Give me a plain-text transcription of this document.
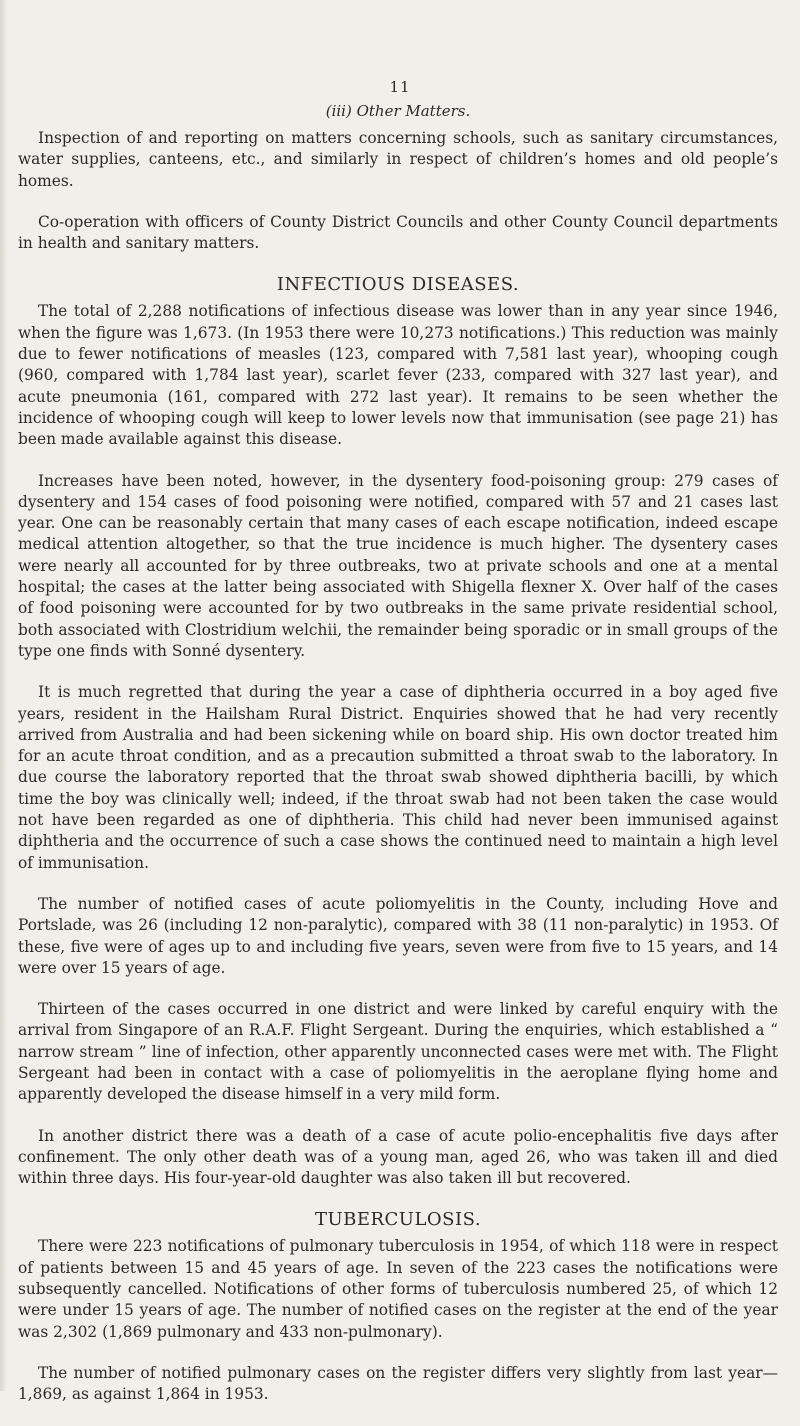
11
(iii) Other Matters.

Inspection of and reporting on matters concerning schools, such as sanitary circumstances, water supplies, canteens, etc., and similarly in respect of children’s homes and old people’s homes.

Co-operation with officers of County District Councils and other County Council departments in health and sanitary matters.

INFECTIOUS DISEASES.

The total of 2,288 notifications of infectious disease was lower than in any year since 1946, when the figure was 1,673. (In 1953 there were 10,273 notifications.) This reduction was mainly due to fewer notifications of measles (123, compared with 7,581 last year), whooping cough (960, compared with 1,784 last year), scarlet fever (233, compared with 327 last year), and acute pneumonia (161, compared with 272 last year). It remains to be seen whether the incidence of whooping cough will keep to lower levels now that immunisation (see page 21) has been made available against this disease.

Increases have been noted, however, in the dysentery food-poisoning group: 279 cases of dysentery and 154 cases of food poisoning were notified, compared with 57 and 21 cases last year. One can be reasonably certain that many cases of each escape notification, indeed escape medical attention altogether, so that the true incidence is much higher. The dysentery cases were nearly all accounted for by three outbreaks, two at private schools and one at a mental hospital; the cases at the latter being associated with Shigella flexner X. Over half of the cases of food poisoning were accounted for by two outbreaks in the same private residential school, both associated with Clostridium welchii, the remainder being sporadic or in small groups of the type one finds with Sonné dysentery.

It is much regretted that during the year a case of diphtheria occurred in a boy aged five years, resident in the Hailsham Rural District. Enquiries showed that he had very recently arrived from Australia and had been sickening while on board ship. His own doctor treated him for an acute throat condition, and as a precaution submitted a throat swab to the laboratory. In due course the laboratory reported that the throat swab showed diphtheria bacilli, by which time the boy was clinically well; indeed, if the throat swab had not been taken the case would not have been regarded as one of diphtheria. This child had never been immunised against diphtheria and the occurrence of such a case shows the continued need to maintain a high level of immunisation.

The number of notified cases of acute poliomyelitis in the County, including Hove and Portslade, was 26 (including 12 non-paralytic), compared with 38 (11 non-paralytic) in 1953. Of these, five were of ages up to and including five years, seven were from five to 15 years, and 14 were over 15 years of age.

Thirteen of the cases occurred in one district and were linked by careful enquiry with the arrival from Singapore of an R.A.F. Flight Sergeant. During the enquiries, which established a “ narrow stream ” line of infection, other apparently unconnected cases were met with. The Flight Sergeant had been in contact with a case of poliomyelitis in the aeroplane flying home and apparently developed the disease himself in a very mild form.

In another district there was a death of a case of acute polio-encephalitis five days after confinement. The only other death was of a young man, aged 26, who was taken ill and died within three days. His four-year-old daughter was also taken ill but recovered.

TUBERCULOSIS.

There were 223 notifications of pulmonary tuberculosis in 1954, of which 118 were in respect of patients between 15 and 45 years of age. In seven of the 223 cases the notifications were subsequently cancelled. Notifications of other forms of tuberculosis numbered 25, of which 12 were under 15 years of age. The number of notified cases on the register at the end of the year was 2,302 (1,869 pulmonary and 433 non-pulmonary).

The number of notified pulmonary cases on the register differs very slightly from last year—1,869, as against 1,864 in 1953.
